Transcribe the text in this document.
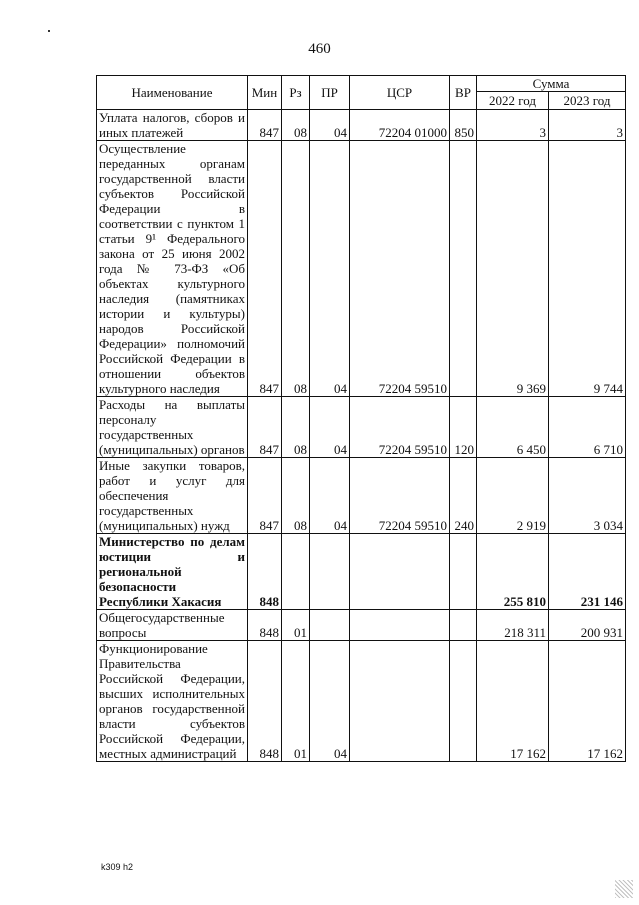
460
Наименование	Мин	Рз	ПР	ЦСР	ВР	Сумма	
						2022 год	2023 год
Уплата налогов, сборов и иных платежей	847	08	04	72204 01000	850	3	3
Осуществление переданных органам государственной власти субъектов Российской Федерации в соответствии с пунктом 1 статьи 9¹ Федерального закона от 25 июня 2002 года № 73-ФЗ «Об объектах культурного наследия (памятниках истории и культуры) народов Российской Федерации» полномочий Российской Федерации в отношении объектов культурного наследия	847	08	04	72204 59510		9 369	9 744
Расходы на выплаты персоналу государственных (муниципальных) органов	847	08	04	72204 59510	120	6 450	6 710
Иные закупки товаров, работ и услуг для обеспечения государственных (муниципальных) нужд	847	08	04	72204 59510	240	2 919	3 034
Министерство по делам юстиции и региональной безопасности Республики Хакасия	848					255 810	231 146
Общегосударственные вопросы	848	01				218 311	200 931
Функционирование Правительства Российской Федерации, высших исполнительных органов государственной власти субъектов Российской Федерации, местных администраций	848	01	04			17 162	17 162
k309 h2
